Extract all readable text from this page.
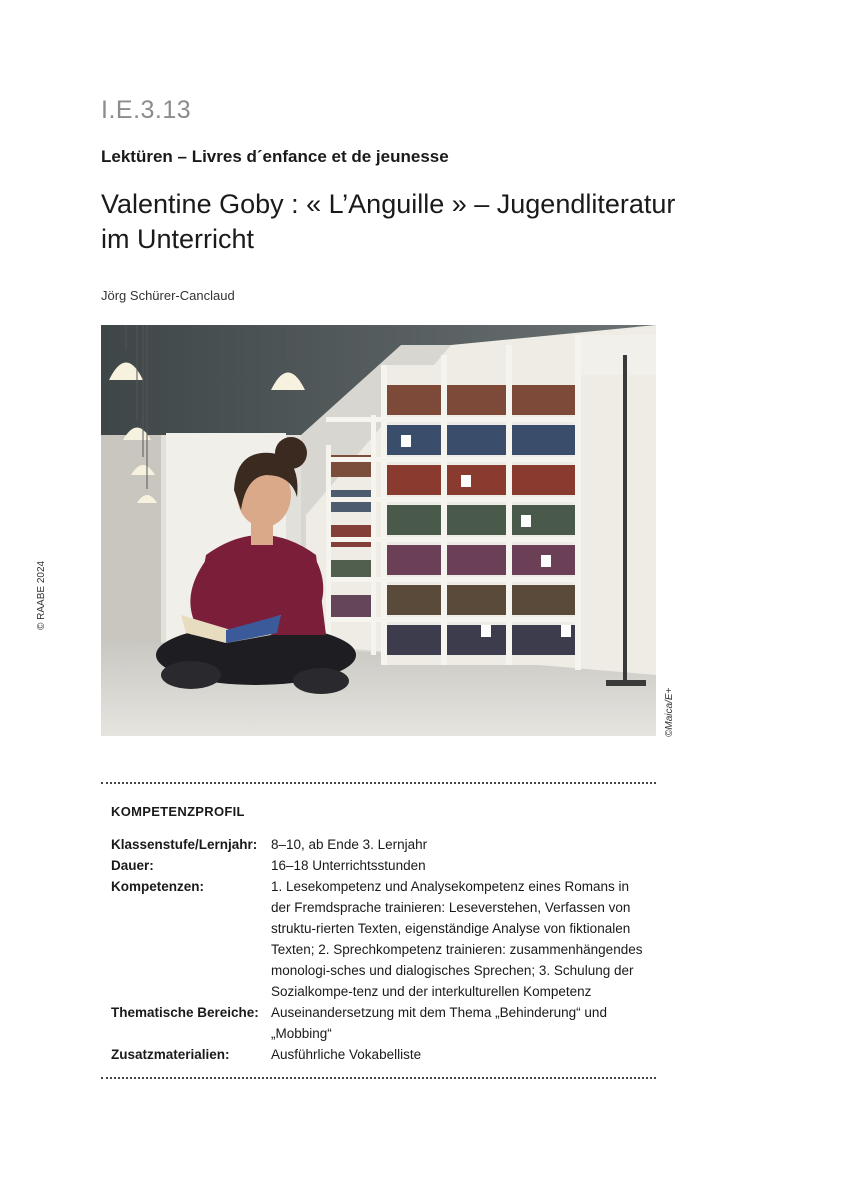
I.E.3.13
Lektüren – Livres d´enfance et de jeunesse
Valentine Goby : « L’Anguille » – Jugendliteratur im Unterricht
Jörg Schürer-Canclaud
© RAABE 2024
©Maica/E+
KOMPETENZPROFIL
Klassenstufe/Lernjahr:	8–10, ab Ende 3. Lernjahr
Dauer:	16–18 Unterrichtsstunden
Kompetenzen:	1. Lesekompetenz und Analysekompetenz eines Romans in der Fremdsprache trainieren: Leseverstehen, Verfassen von struktu-rierten Texten, eigenständige Analyse von fiktionalen Texten; 2. Sprechkompetenz trainieren: zusammenhängendes monologi-sches und dialogisches Sprechen; 3. Schulung der Sozialkompe-tenz und der interkulturellen Kompetenz
Thematische Bereiche: Auseinandersetzung mit dem Thema „Behinderung“ und „Mobbing“
Zusatzmaterialien:	Ausführliche Vokabelliste
